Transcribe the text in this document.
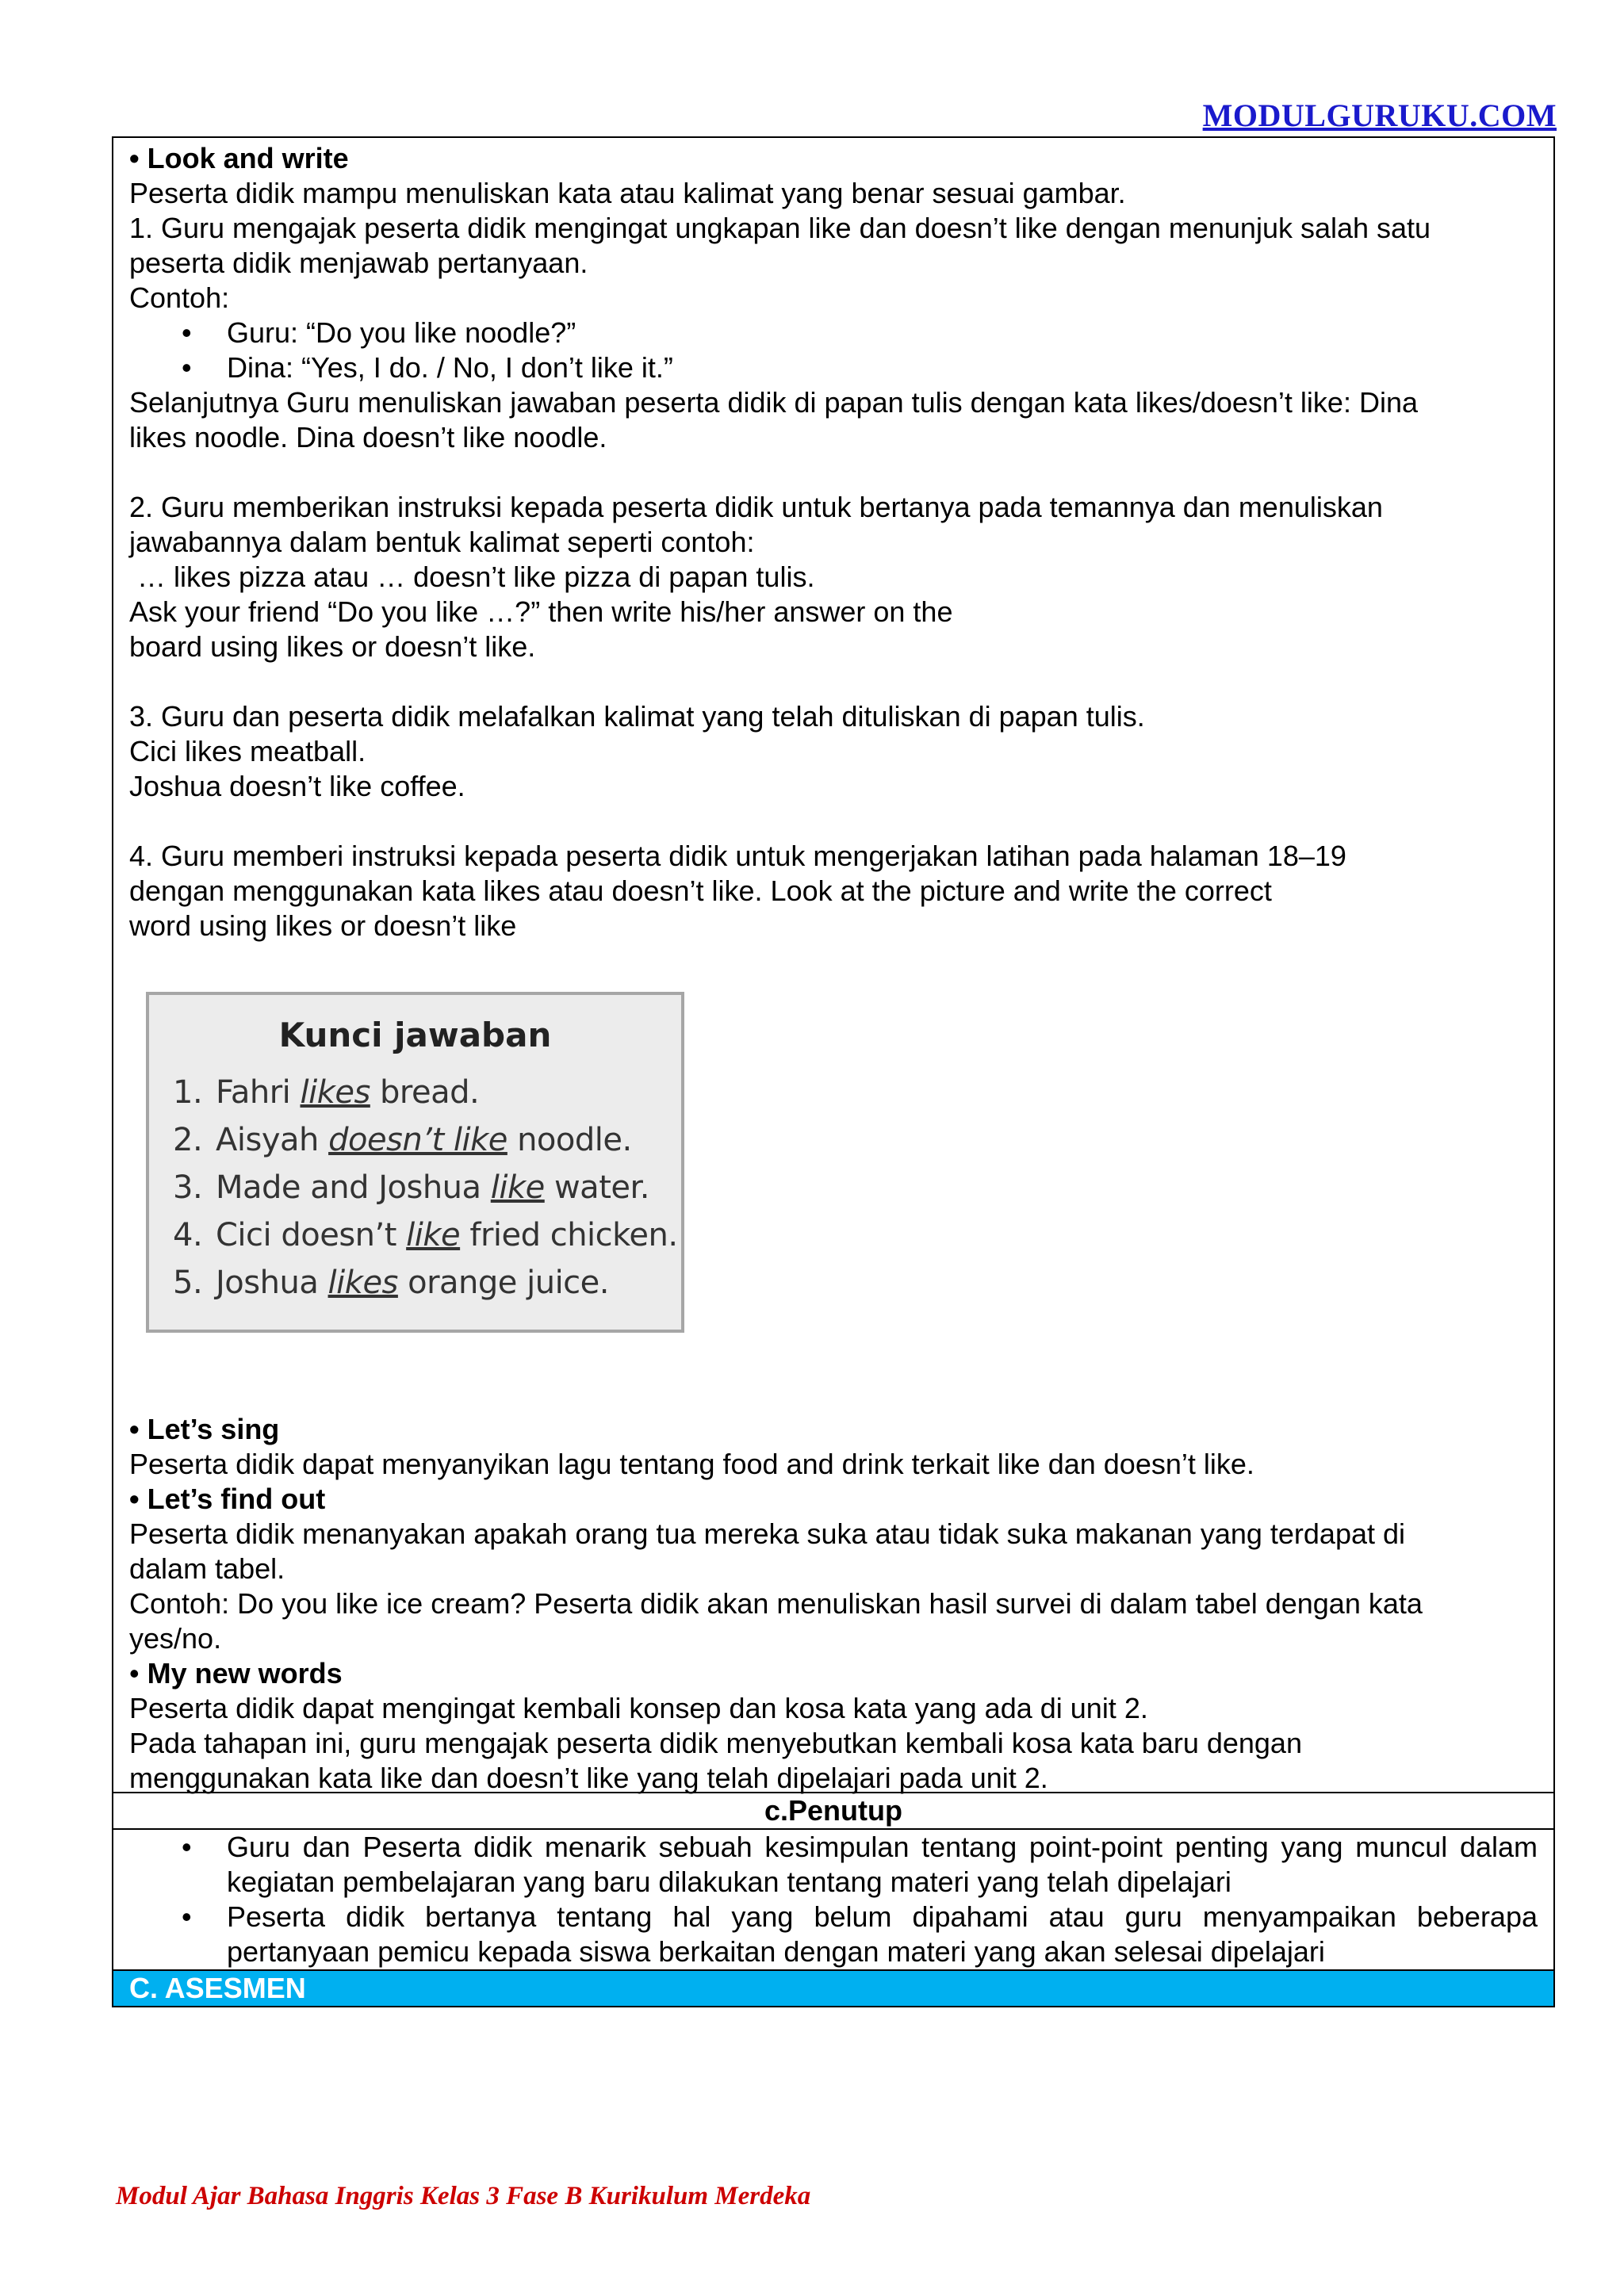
MODULGURUKU.COM

• Look and write

Peserta didik mampu menuliskan kata atau kalimat yang benar sesuai gambar.

1. Guru mengajak peserta didik mengingat ungkapan like dan doesn’t like dengan menunjuk salah satu

peserta didik menjawab pertanyaan.

Contoh:

• Guru: “Do you like noodle?”
• Dina: “Yes, I do. / No, I don’t like it.”

Selanjutnya Guru menuliskan jawaban peserta didik di papan tulis dengan kata likes/doesn’t like: Dina

likes noodle. Dina doesn’t like noodle.

2. Guru memberikan instruksi kepada peserta didik untuk bertanya pada temannya dan menuliskan

jawabannya dalam bentuk kalimat seperti contoh:

… likes pizza atau … doesn’t like pizza di papan tulis.

Ask your friend “Do you like …?” then write his/her answer on the

board using likes or doesn’t like.

3. Guru dan peserta didik melafalkan kalimat yang telah dituliskan di papan tulis.

Cici likes meatball.

Joshua doesn’t like coffee.

4. Guru memberi instruksi kepada peserta didik untuk mengerjakan latihan pada halaman 18–19

dengan menggunakan kata likes atau doesn’t like. Look at the picture and write the correct

word using likes or doesn’t like

Kunci jawaban
1. Fahri likes bread.
2. Aisyah doesn’t like noodle.
3. Made and Joshua like water.
4. Cici doesn’t like fried chicken.
5. Joshua likes orange juice.

• Let’s sing

Peserta didik dapat menyanyikan lagu tentang food and drink terkait like dan doesn’t like.

• Let’s find out

Peserta didik menanyakan apakah orang tua mereka suka atau tidak suka makanan yang terdapat di

dalam tabel.

Contoh: Do you like ice cream? Peserta didik akan menuliskan hasil survei di dalam tabel dengan kata

yes/no.

• My new words

Peserta didik dapat mengingat kembali konsep dan kosa kata yang ada di unit 2.

Pada tahapan ini, guru mengajak peserta didik menyebutkan kembali kosa kata baru dengan

menggunakan kata like dan doesn’t like yang telah dipelajari pada unit 2.

c.Penutup
• Guru dan Peserta didik menarik sebuah kesimpulan tentang point-point penting yang muncul dalam kegiatan pembelajaran yang baru dilakukan tentang materi yang telah dipelajari
• Peserta didik bertanya tentang hal yang belum dipahami atau guru menyampaikan beberapa pertanyaan pemicu kepada siswa berkaitan dengan materi yang akan selesai dipelajari
C. ASESMEN
Modul Ajar Bahasa Inggris Kelas 3 Fase B Kurikulum Merdeka
